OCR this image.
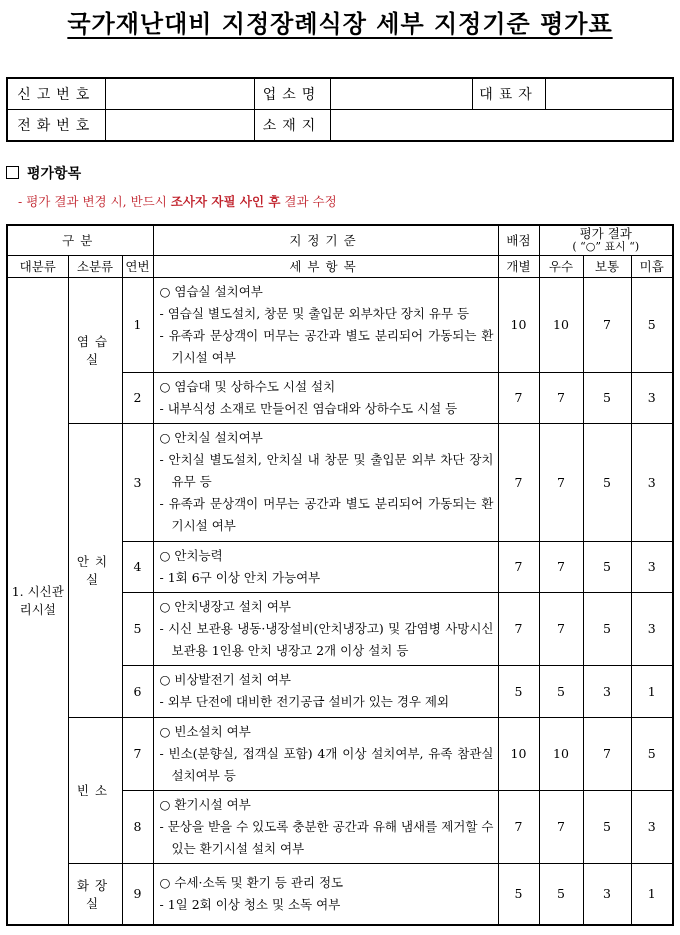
국가재난대비 지정장례식장 세부 지정기준 평가표
신고번호		업소명		대표자	
전화번호		소재지			
평가항목
- 평가 결과 변경 시, 반드시 조사자 자필 사인 후 결과 수정
구분			지정기준	배점	평가 결과
( “○” 표시 “)		

대분류	소분류	연번	세부항목	개별	우수	보통	미흡
1. 시신관리시설	염습실	1	○ 염습실 설치여부
- 염습실 별도설치, 창문 및 출입문 외부차단 장치 유무 등
- 유족과 문상객이 머무는 공간과 별도 분리되어 가동되는 환기시설 여부	10	10	7	5
		2	○ 염습대 및 상하수도 시설 설치
- 내부식성 소재로 만들어진 염습대와 상하수도 시설 등	7	7	5	3
	안치실	3	○ 안치실 설치여부
- 안치실 별도설치, 안치실 내 창문 및 출입문 외부 차단 장치 유무 등
- 유족과 문상객이 머무는 공간과 별도 분리되어 가동되는 환기시설 여부	7	7	5	3
		4	○ 안치능력
- 1회 6구 이상 안치 가능여부	7	7	5	3
		5	○ 안치냉장고 설치 여부
- 시신 보관용 냉동·냉장설비(안치냉장고) 및 감염병 사망시신 보관용 1인용 안치 냉장고 2개 이상 설치 등	7	7	5	3
		6	○ 비상발전기 설치 여부
- 외부 단전에 대비한 전기공급 설비가 있는 경우 제외	5	5	3	1
	빈소	7	○ 빈소설치 여부
- 빈소(분향실, 접객실 포함) 4개 이상 설치여부, 유족 참관실 설치여부 등	10	10	7	5
		8	○ 환기시설 여부
- 문상을 받을 수 있도록 충분한 공간과 유해 냄새를 제거할 수 있는 환기시설 설치 여부	7	7	5	3
	화장실	9	○ 수세·소독 및 환기 등 관리 정도
- 1일 2회 이상 청소 및 소독 여부	5	5	3	1
